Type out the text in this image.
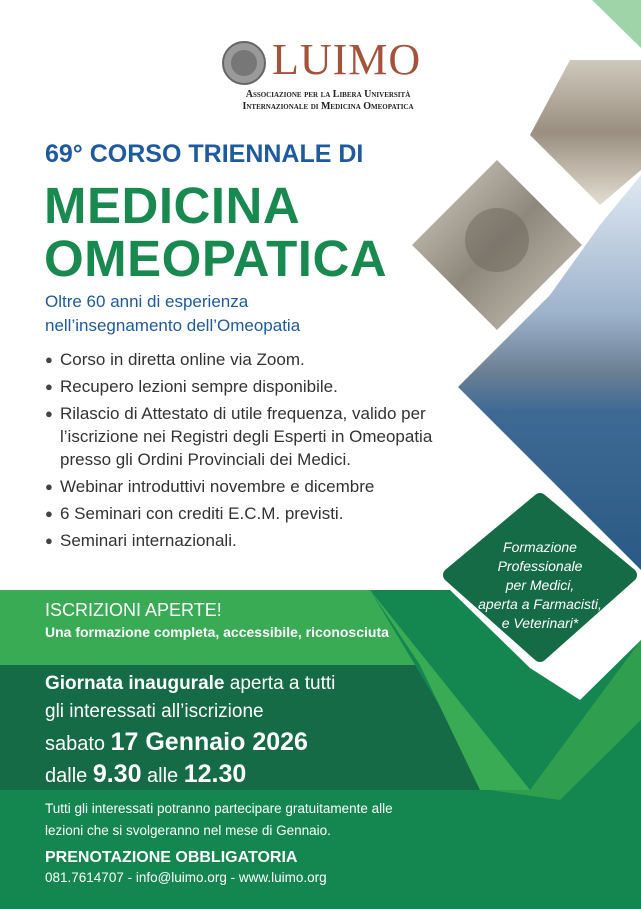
LUIMO
Associazione per la Libera Università
Internazionale di Medicina Omeopatica
69° CORSO TRIENNALE DI
MEDICINA
OMEOPATICA
Oltre 60 anni di esperienza
nell’insegnamento dell’Omeopatia
● Corso in diretta online via Zoom.
● Recupero lezioni sempre disponibile.
● Rilascio di Attestato di utile frequenza, valido per l’iscrizione nei Registri degli Esperti in Omeopatia presso gli Ordini Provinciali dei Medici.
● Webinar introduttivi novembre e dicembre
● 6 Seminari con crediti E.C.M. previsti.
● Seminari internazionali.	Formazione
Professionale
per Medici,
aperta a Farmacisti,
e Veterinari*
ISCRIZIONI APERTE!
Una formazione completa, accessibile, riconosciuta
Giornata inaugurale aperta a tutti
gli interessati all’iscrizione
sabato 17 Gennaio 2026
dalle 9.30 alle 12.30
Tutti gli interessati potranno partecipare gratuitamente alle
lezioni che si svolgeranno nel mese di Gennaio.
PRENOTAZIONE OBBLIGATORIA
081.7614707 - info@luimo.org - www.luimo.org
